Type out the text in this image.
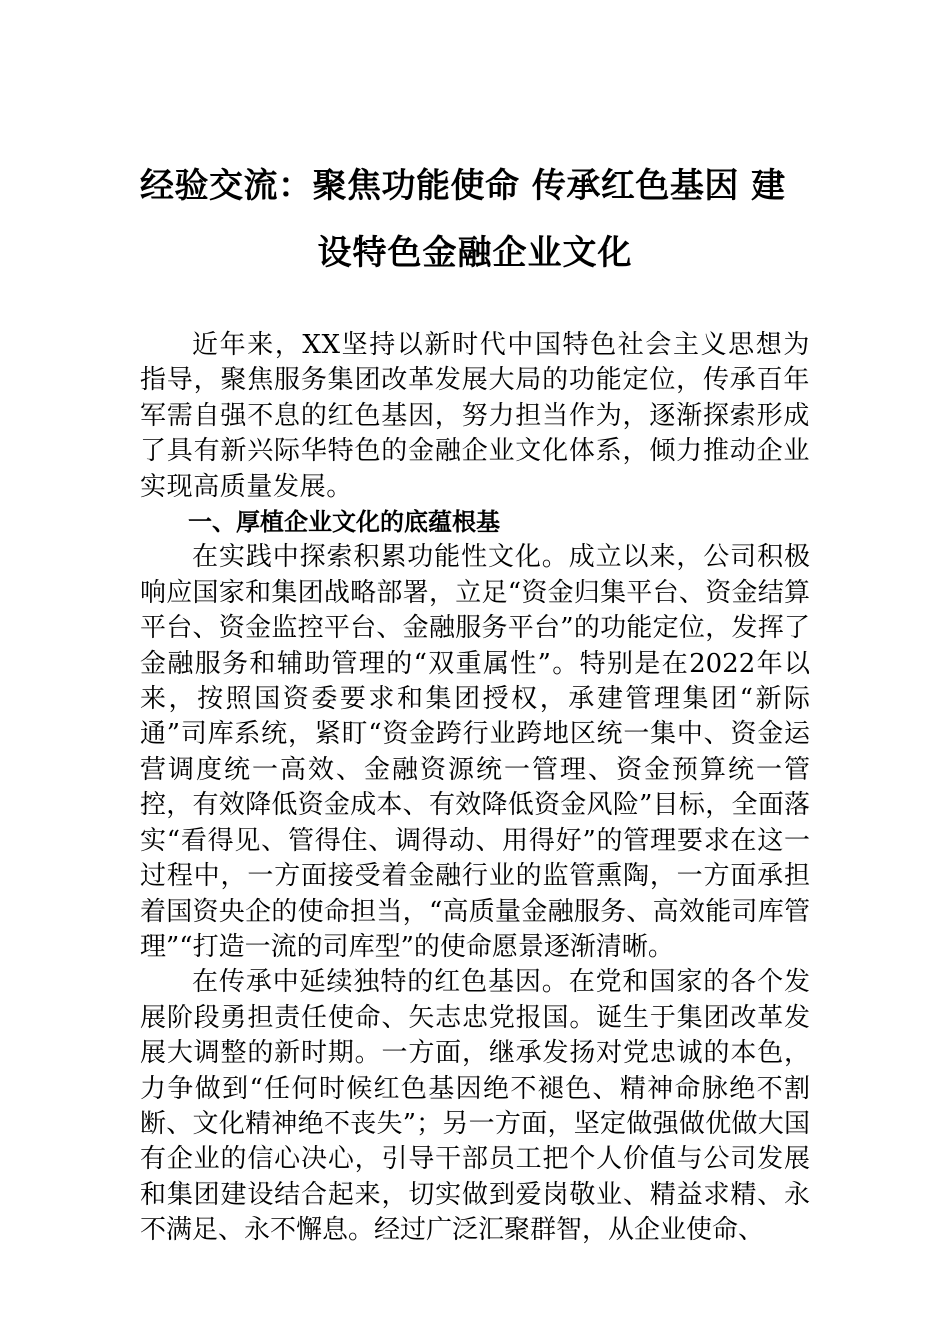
经验交流：聚焦功能使命 传承红色基因 建
设特色金融企业文化

近年来，XX坚持以新时代中国特色社会主义思想为指导，聚焦服务集团改革发展大局的功能定位，传承百年军需自强不息的红色基因，努力担当作为，逐渐探索形成了具有新兴际华特色的金融企业文化体系，倾力推动企业实现高质量发展。

一、厚植企业文化的底蕴根基

在实践中探索积累功能性文化。成立以来，公司积极响应国家和集团战略部署，立足“资金归集平台、资金结算平台、资金监控平台、金融服务平台”的功能定位，发挥了金融服务和辅助管理的“双重属性”。特别是在2022年以来，按照国资委要求和集团授权，承建管理集团“新际通”司库系统，紧盯“资金跨行业跨地区统一集中、资金运营调度统一高效、金融资源统一管理、资金预算统一管控，有效降低资金成本、有效降低资金风险”目标，全面落实“看得见、管得住、调得动、用得好”的管理要求在这一过程中，一方面接受着金融行业的监管熏陶，一方面承担着国资央企的使命担当，“高质量金融服务、高效能司库管理”“打造一流的司库型”的使命愿景逐渐清晰。

在传承中延续独特的红色基因。在党和国家的各个发展阶段勇担责任使命、矢志忠党报国。诞生于集团改革发展大调整的新时期。一方面，继承发扬对党忠诚的本色，力争做到“任何时候红色基因绝不褪色、精神命脉绝不割断、文化精神绝不丧失”；另一方面，坚定做强做优做大国有企业的信心决心，引导干部员工把个人价值与公司发展和集团建设结合起来，切实做到爱岗敬业、精益求精、永不满足、永不懈息。经过广泛汇聚群智，从企业使命、
